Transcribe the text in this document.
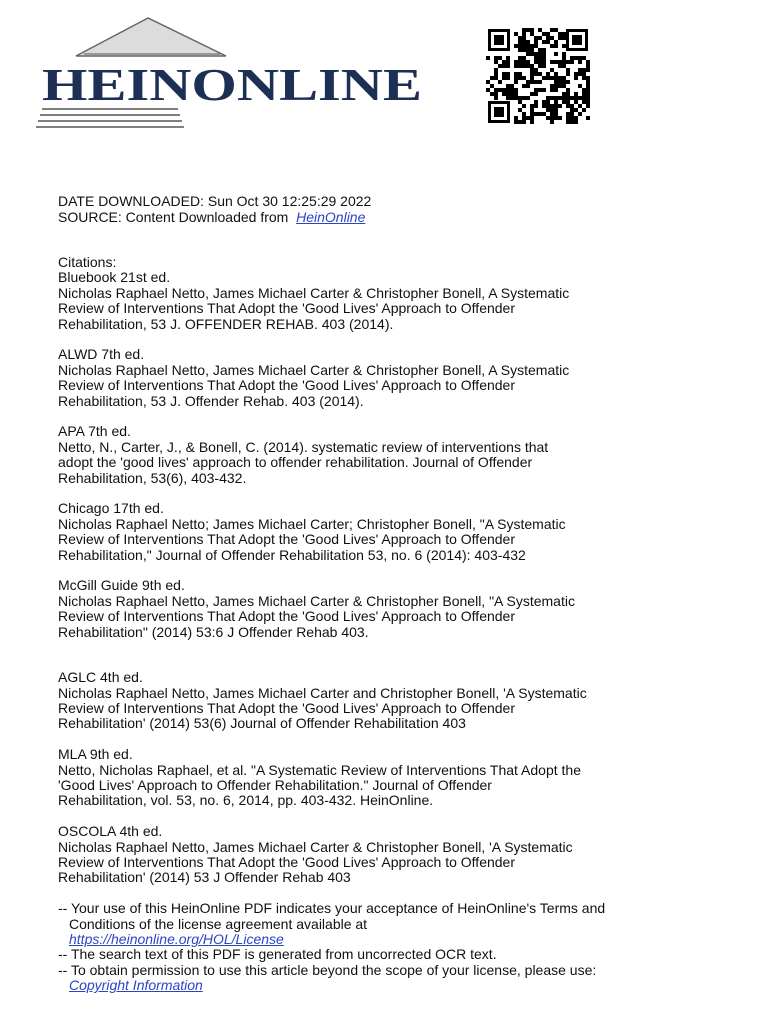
HEINONLINE
DATE DOWNLOADED: Sun Oct 30 12:25:29 2022
SOURCE: Content Downloaded from HeinOnline

Citations:

Bluebook 21st ed.

Nicholas Raphael Netto, James Michael Carter & Christopher Bonell, A Systematic

Review of Interventions That Adopt the 'Good Lives' Approach to Offender

Rehabilitation, 53 J. OFFENDER REHAB. 403 (2014).

ALWD 7th ed.

Nicholas Raphael Netto, James Michael Carter & Christopher Bonell, A Systematic

Review of Interventions That Adopt the 'Good Lives' Approach to Offender

Rehabilitation, 53 J. Offender Rehab. 403 (2014).

APA 7th ed.

Netto, N., Carter, J., & Bonell, C. (2014). systematic review of interventions that

adopt the 'good lives' approach to offender rehabilitation. Journal of Offender

Rehabilitation, 53(6), 403-432.

Chicago 17th ed.

Nicholas Raphael Netto; James Michael Carter; Christopher Bonell, "A Systematic

Review of Interventions That Adopt the 'Good Lives' Approach to Offender

Rehabilitation," Journal of Offender Rehabilitation 53, no. 6 (2014): 403-432

McGill Guide 9th ed.

Nicholas Raphael Netto, James Michael Carter & Christopher Bonell, "A Systematic

Review of Interventions That Adopt the 'Good Lives' Approach to Offender

Rehabilitation" (2014) 53:6 J Offender Rehab 403.

AGLC 4th ed.

Nicholas Raphael Netto, James Michael Carter and Christopher Bonell, 'A Systematic

Review of Interventions That Adopt the 'Good Lives' Approach to Offender

Rehabilitation' (2014) 53(6) Journal of Offender Rehabilitation 403

MLA 9th ed.

Netto, Nicholas Raphael, et al. "A Systematic Review of Interventions That Adopt the

'Good Lives' Approach to Offender Rehabilitation." Journal of Offender

Rehabilitation, vol. 53, no. 6, 2014, pp. 403-432. HeinOnline.

OSCOLA 4th ed.

Nicholas Raphael Netto, James Michael Carter & Christopher Bonell, 'A Systematic

Review of Interventions That Adopt the 'Good Lives' Approach to Offender

Rehabilitation' (2014) 53 J Offender Rehab 403

-- Your use of this HeinOnline PDF indicates your acceptance of HeinOnline's Terms and

Conditions of the license agreement available at

https://heinonline.org/HOL/License

-- The search text of this PDF is generated from uncorrected OCR text.

-- To obtain permission to use this article beyond the scope of your license, please use:

Copyright Information
